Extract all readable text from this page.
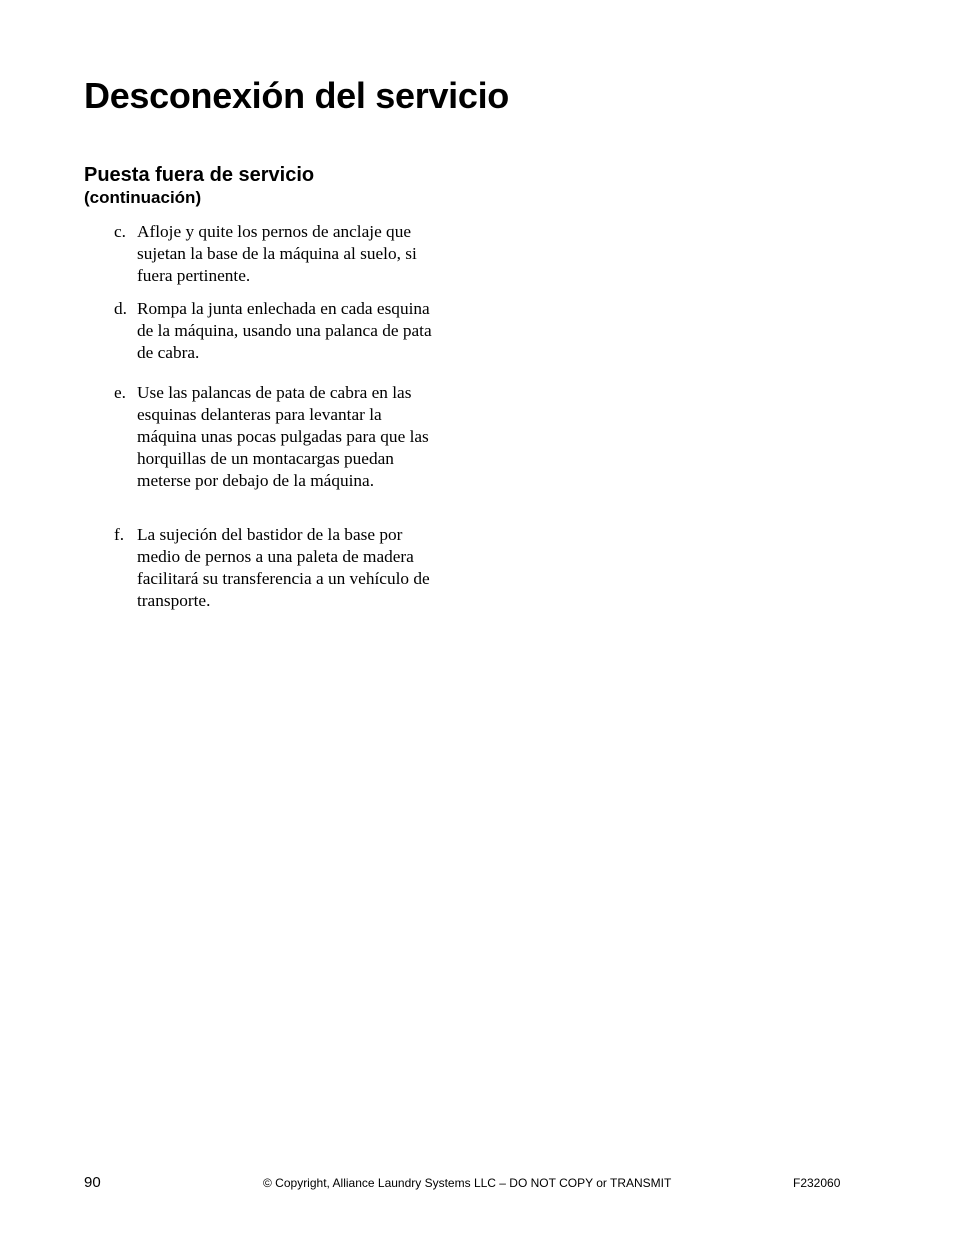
Desconexión del servicio
Puesta fuera de servicio
(continuación)
c. Afloje y quite los pernos de anclaje que sujetan la base de la máquina al suelo, si fuera pertinente.
d. Rompa la junta enlechada en cada esquina de la máquina, usando una palanca de pata de cabra.
e. Use las palancas de pata de cabra en las esquinas delanteras para levantar la máquina unas pocas pulgadas para que las horquillas de un montacargas puedan meterse por debajo de la máquina.
f. La sujeción del bastidor de la base por medio de pernos a una paleta de madera facilitará su transferencia a un vehículo de transporte.
90	© Copyright, Alliance Laundry Systems LLC – DO NOT COPY or TRANSMIT	F232060
